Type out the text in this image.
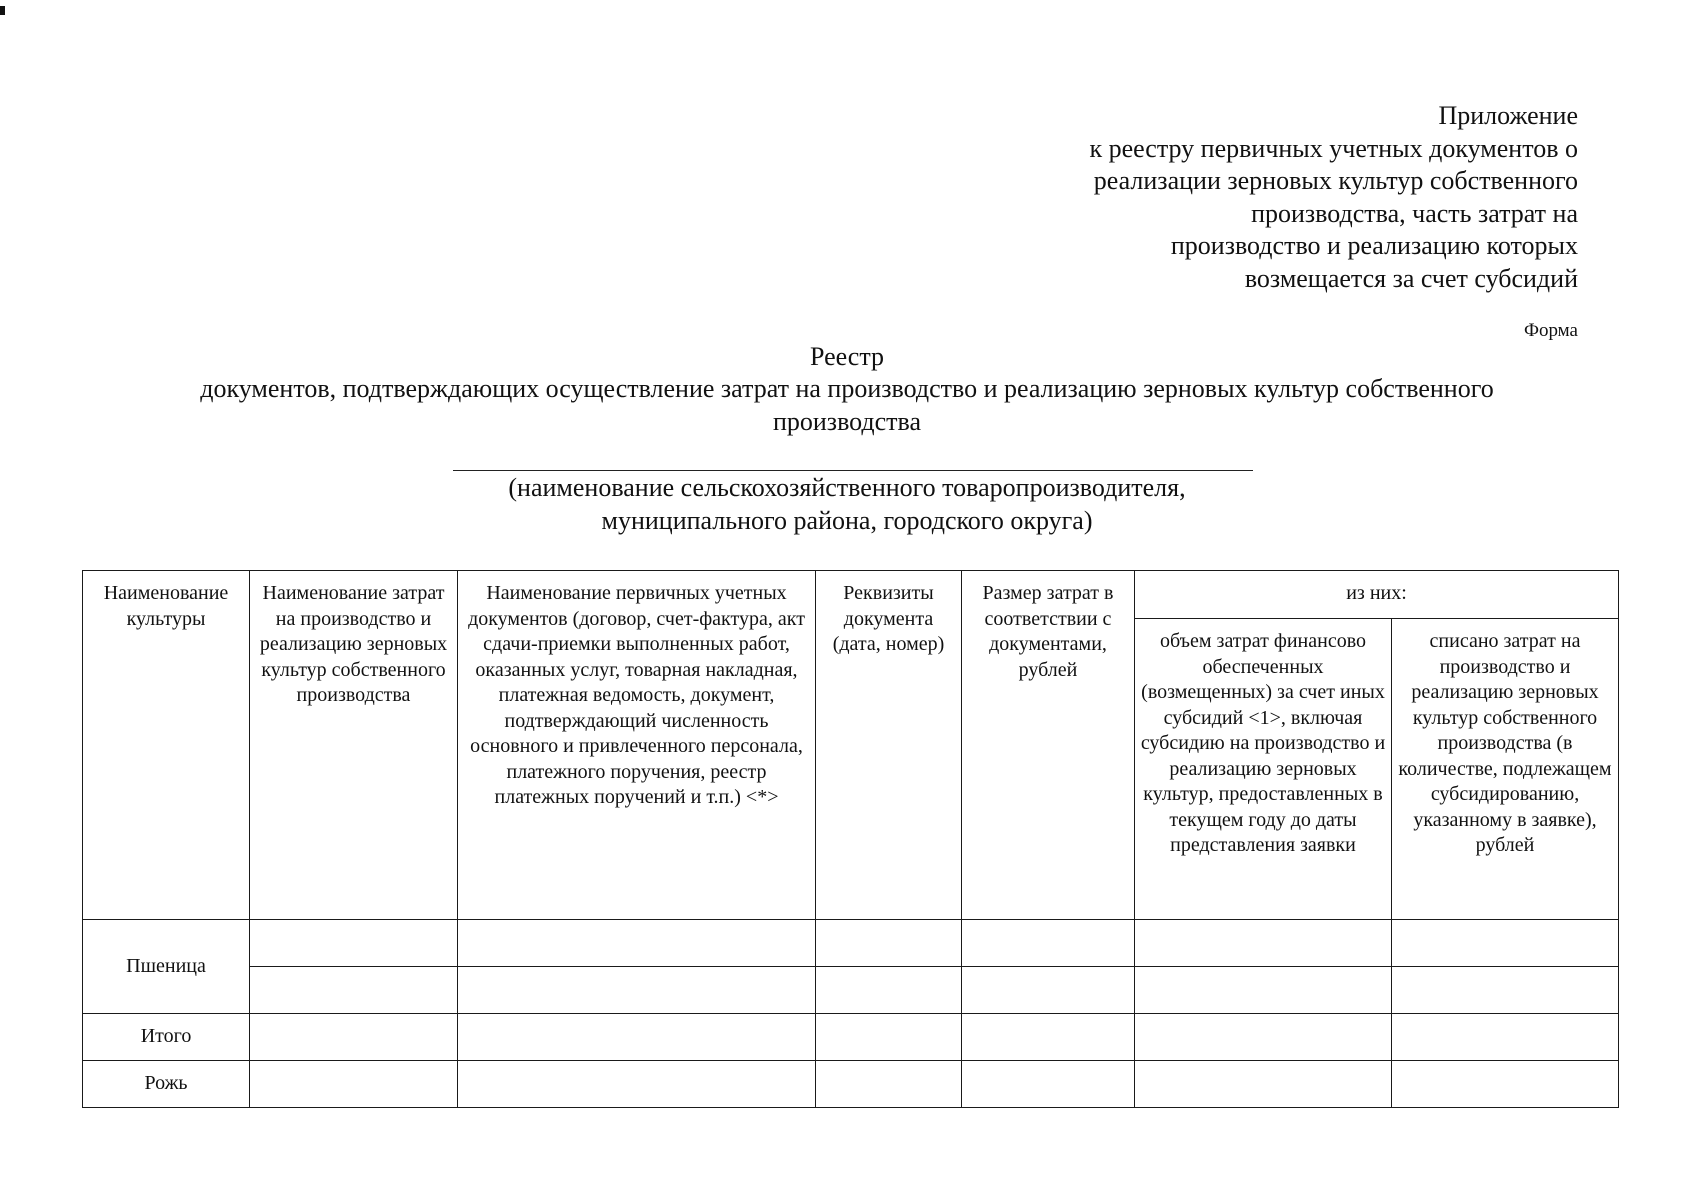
Приложение
к реестру первичных учетных документов о
реализации зерновых культур собственного
производства, часть затрат на
производство и реализацию которых
возмещается за счет субсидий
Форма
Реестр
документов, подтверждающих осуществление затрат на производство и реализацию зерновых культур собственного
производства
(наименование сельскохозяйственного товаропроизводителя,
муниципального района, городского округа)
Наименование культуры	Наименование затрат на производство и реализацию зерновых культур собственного производства	Наименование первичных учетных документов (договор, счет-фактура, акт сдачи-приемки выполненных работ, оказанных услуг, товарная накладная, платежная ведомость, документ, подтверждающий численность основного и привлеченного персонала, платежного поручения, реестр платежных поручений и т.п.) <*>	Реквизиты документа (дата, номер)	Размер затрат в соответствии с документами, рублей	из них:	
					объем затрат финансово обеспеченных (возмещенных) за счет иных субсидий <1>, включая субсидию на производство и реализацию зерновых культур, предоставленных в текущем году до даты представления заявки	списано затрат на производство и реализацию зерновых культур собственного производства (в количестве, подлежащем субсидированию, указанному в заявке), рублей
Пшеница						

Итого						
Рожь						
